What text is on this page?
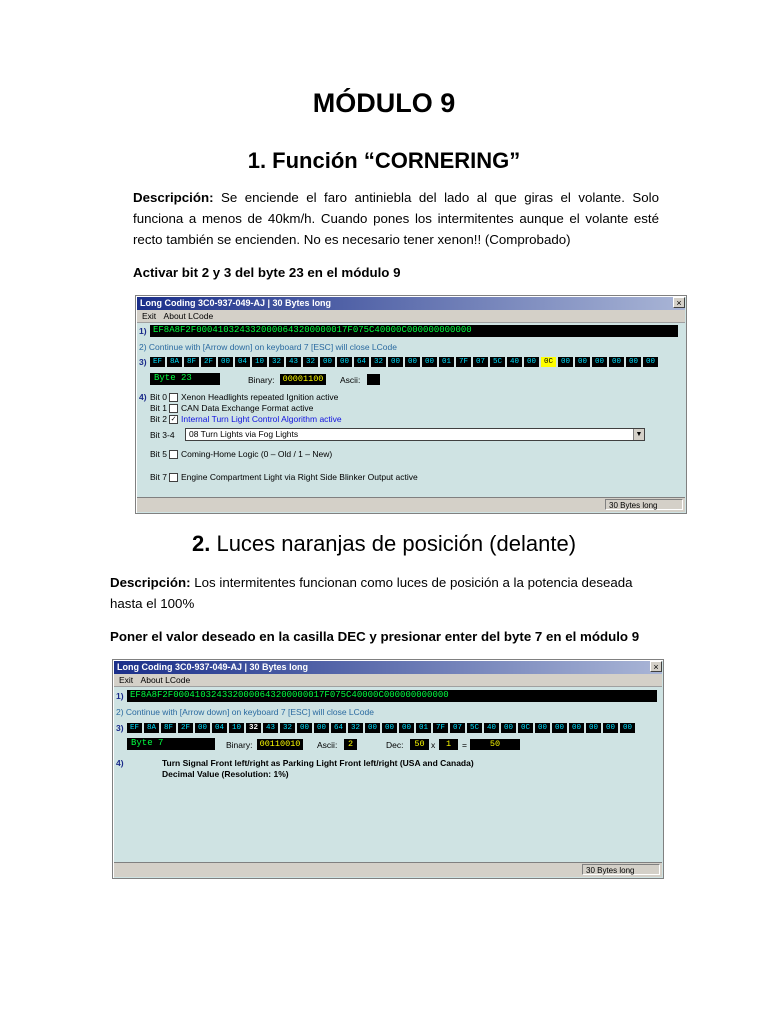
MÓDULO 9
1. Función “CORNERING”
Descripción: Se enciende el faro antiniebla del lado al que giras el volante. Solo funciona a menos de 40km/h. Cuando pones los intermitentes aunque el volante esté recto también se encienden. No es necesario tener xenon!! (Comprobado)
Activar bit 2 y 3 del byte 23 en el módulo 9
Long Coding 3C0-937-049-AJ | 30 Bytes long	×
Exit About LCode
1) EF8A8F2F0004103243320000643200000017F075C40000C000000000000
2) Continue with [Arrow down] on keyboard 7 [ESC] will close LCode
3) EF	8A	8F	2F	00	04	10	32	43	32	00	00	64	32	00	00	00	01	7F	07	5C	40	00	0C	00	00	00	00	00	00
Byte 23	Binary: 00001100	Ascii:
4) Bit 0 Xenon Headlights repeated Ignition active
Bit 1 CAN Data Exchange Format active
Bit 2 ✓ Internal Turn Light Control Algorithm active
Bit 3-4	08 Turn Lights via Fog Lights	▼
Bit 5 Coming-Home Logic (0 – Old / 1 – New)
Bit 7 Engine Compartment Light via Right Side Blinker Output active
30 Bytes long
2. Luces naranjas de posición (delante)
Descripción: Los intermitentes funcionan como luces de posición a la potencia deseada hasta el 100%
Poner el valor deseado en la casilla DEC y presionar enter del byte 7 en el módulo 9
Long Coding 3C0-937-049-AJ | 30 Bytes long	×
Exit About LCode
1) EF8A8F2F0004103243320000643200000017F075C40000C000000000000
2) Continue with [Arrow down] on keyboard 7 [ESC] will close LCode
3) EF	8A	8F	2F	00	04	10	32	43	32	00	00	64	32	00	00	00	01	7F	07	5C	40	00	0C	00	00	00	00	00	00
Byte 7	Binary: 00110010	Ascii:	2	Dec:	50 x	1	=	50
4)	Turn Signal Front left/right as Parking Light Front left/right (USA and Canada)
Decimal Value (Resolution: 1%)
30 Bytes long
